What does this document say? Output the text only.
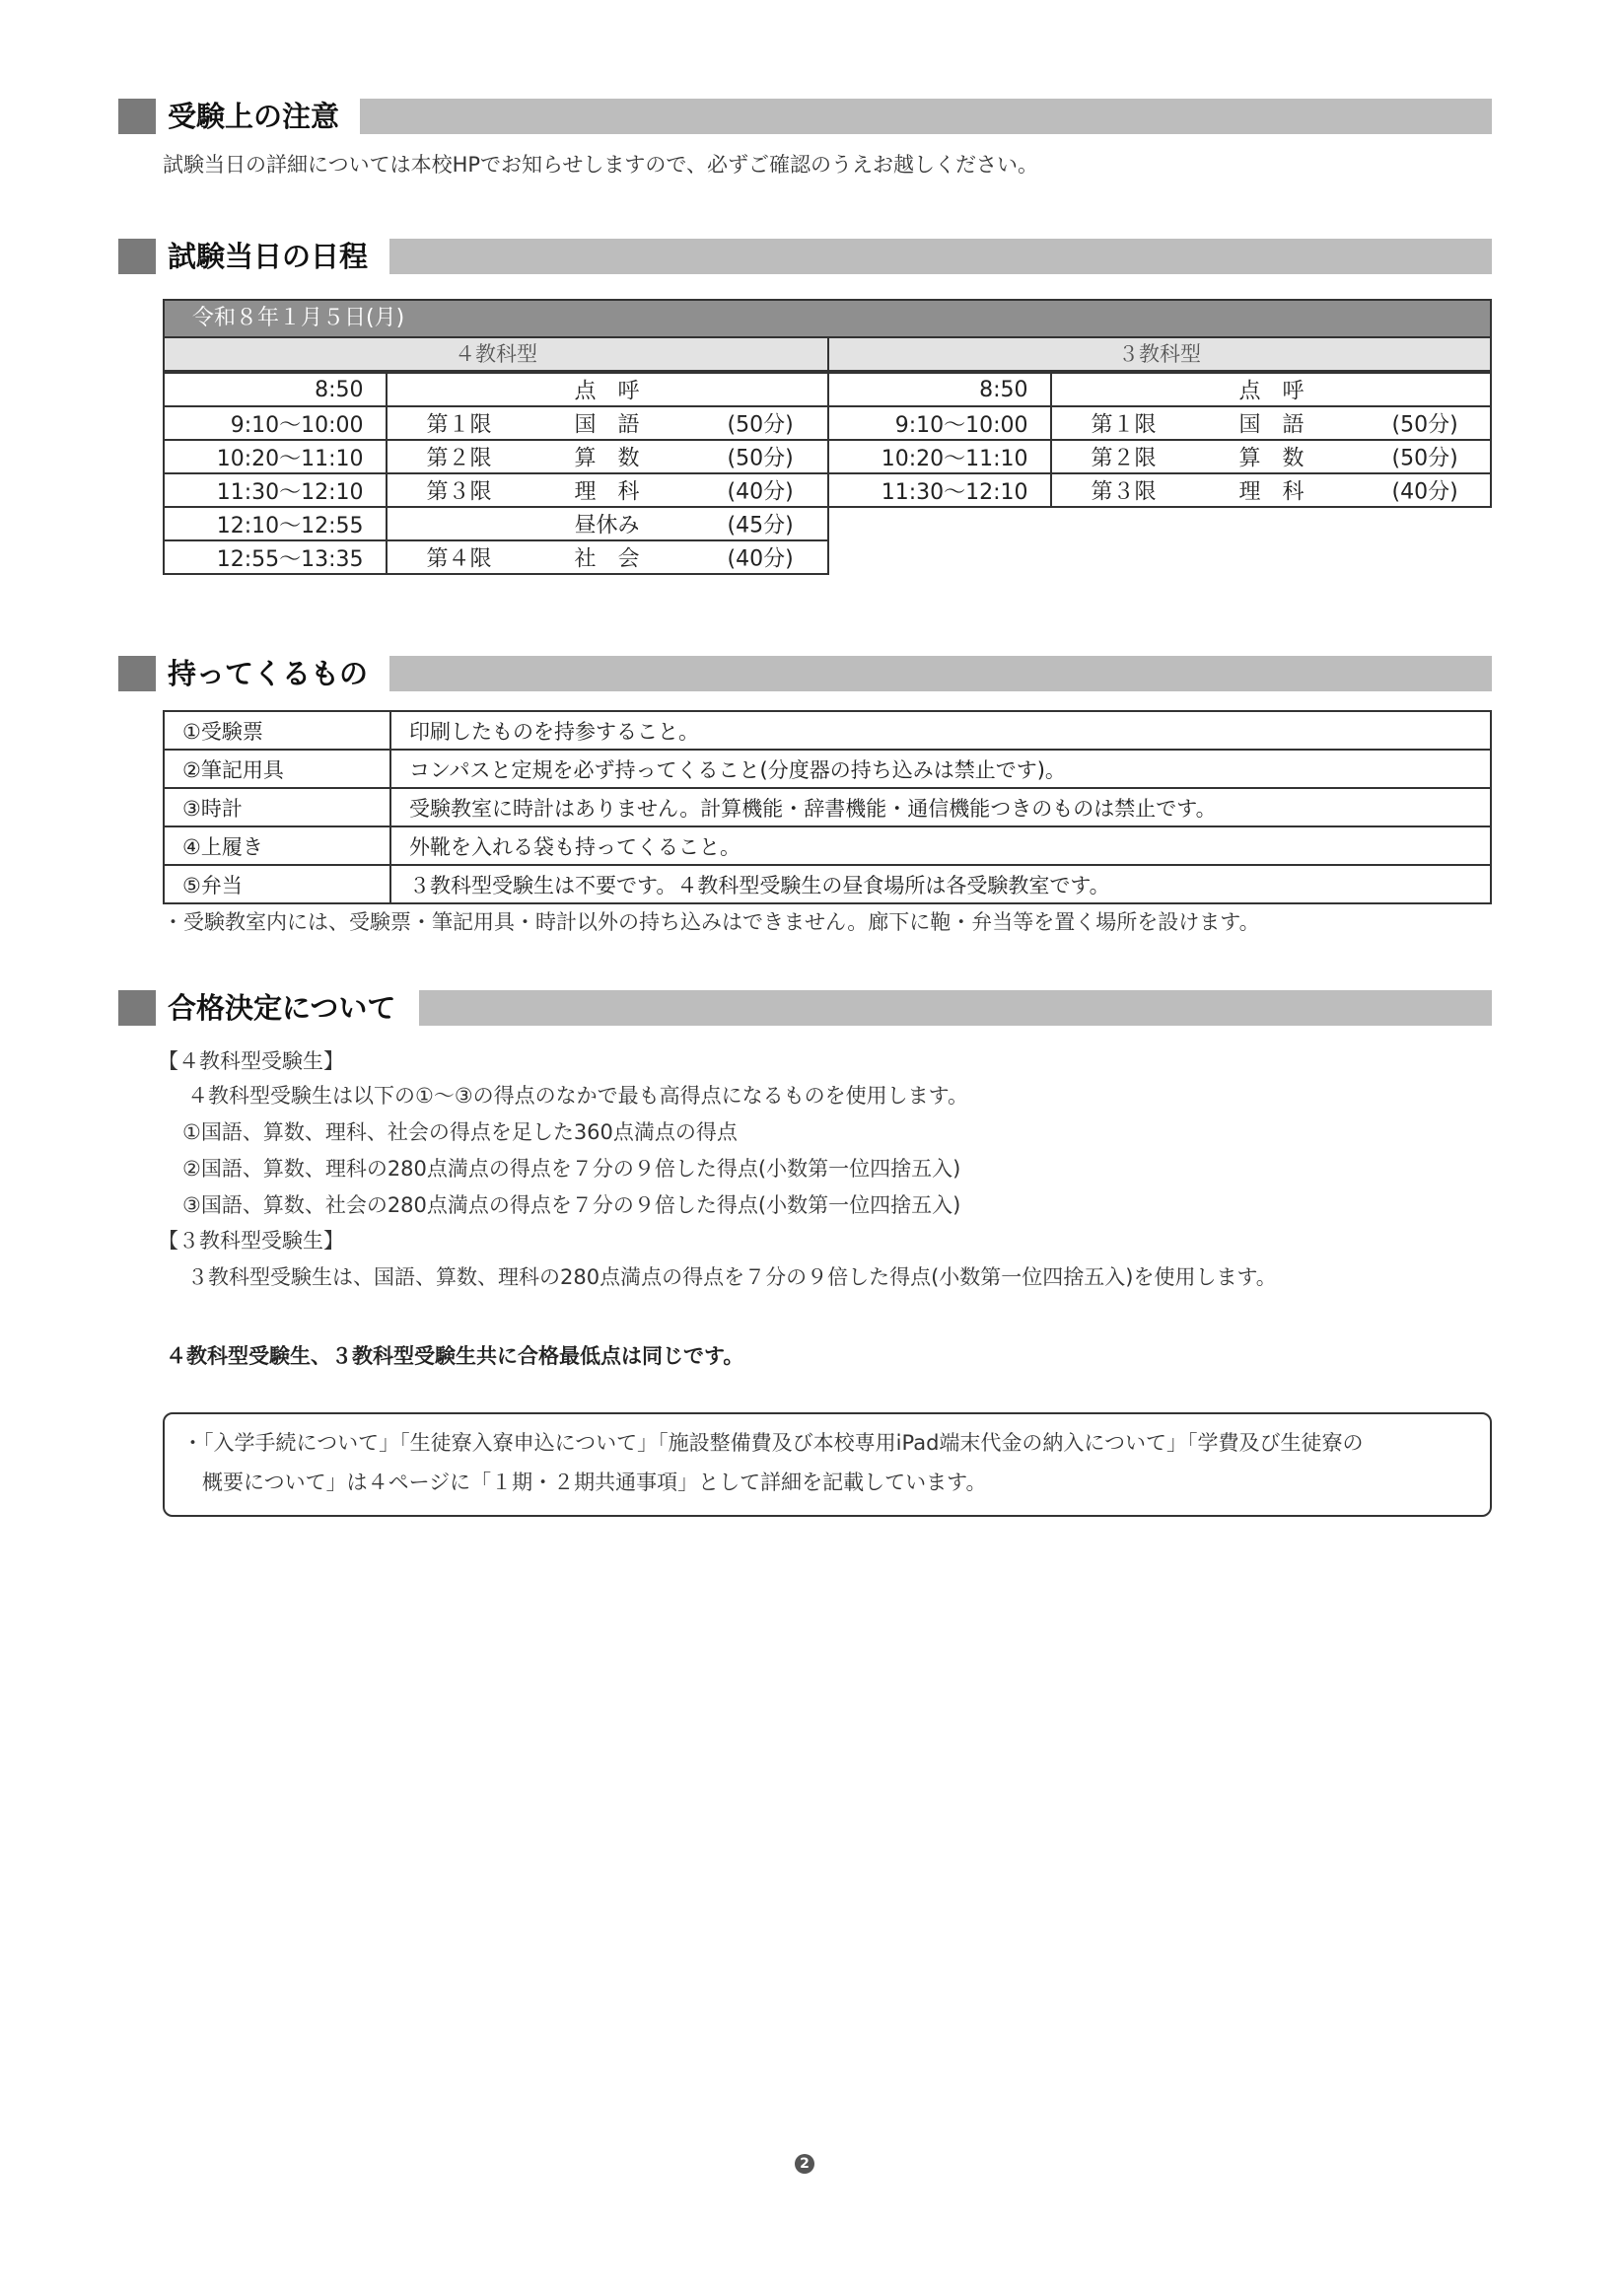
受験上の注意
試験当日の詳細については本校HPでお知らせしますので、必ずご確認のうえお越しください。
試験当日の日程
令和８年１月５日(月)
４教科型	３教科型
8:50	点　呼

9:10～10:00	第１限 国　語 (50分)

10:20～11:10	第２限 算　数 (50分)

11:30～12:10	第３限 理　科 (40分)

12:10～12:55	昼休み (45分)

12:55～13:35	第４限 社　会 (40分)
8:50	点　呼

9:10～10:00	第１限 国　語 (50分)

10:20～11:10	第２限 算　数 (50分)

11:30～12:10	第３限 理　科 (40分)
持ってくるもの
①受験票	印刷したものを持参すること。
②筆記用具	コンパスと定規を必ず持ってくること(分度器の持ち込みは禁止です)。
③時計	受験教室に時計はありません。計算機能・辞書機能・通信機能つきのものは禁止です。
④上履き	外靴を入れる袋も持ってくること。
⑤弁当	３教科型受験生は不要です。４教科型受験生の昼食場所は各受験教室です。
・受験教室内には、受験票・筆記用具・時計以外の持ち込みはできません。廊下に鞄・弁当等を置く場所を設けます。
合格決定について
【４教科型受験生】
４教科型受験生は以下の①～③の得点のなかで最も高得点になるものを使用します。
①国語、算数、理科、社会の得点を足した360点満点の得点
②国語、算数、理科の280点満点の得点を７分の９倍した得点(小数第一位四捨五入)
③国語、算数、社会の280点満点の得点を７分の９倍した得点(小数第一位四捨五入)
【３教科型受験生】
３教科型受験生は、国語、算数、理科の280点満点の得点を７分の９倍した得点(小数第一位四捨五入)を使用します。
４教科型受験生、３教科型受験生共に合格最低点は同じです。
・「入学手続について」「生徒寮入寮申込について」「施設整備費及び本校専用iPad端末代金の納入について」「学費及び生徒寮の
概要について」は４ページに「１期・２期共通事項」として詳細を記載しています。
2
